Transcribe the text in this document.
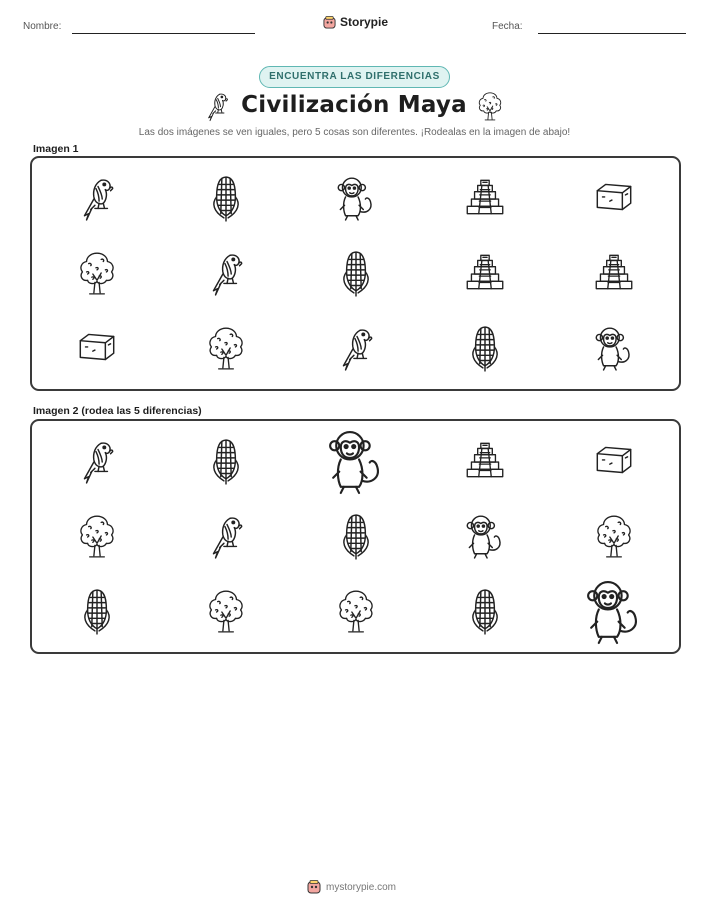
Nombre:	Storypie	Fecha:
ENCUENTRA LAS DIFERENCIAS
Civilización Maya
Las dos imágenes se ven iguales, pero 5 cosas son diferentes. ¡Rodealas en la imagen de abajo!
Imagen 1
Imagen 2 (rodea las 5 diferencias)
mystorypie.com
